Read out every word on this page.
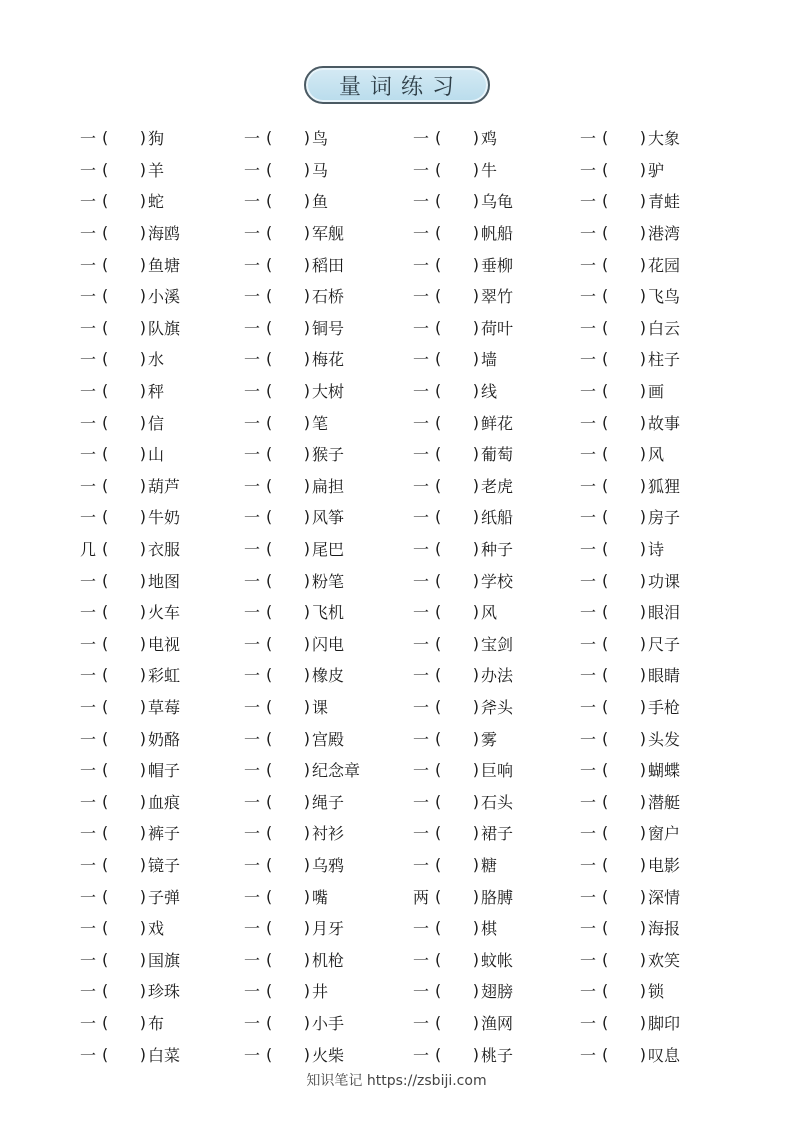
量词练习
一 ( )	狗	一 ( )	鸟	一 ( )	鸡	一 ( )	大象
一 ( )	羊	一 ( )	马	一 ( )	牛	一 ( )	驴
一 ( )	蛇	一 ( )	鱼	一 ( )	乌龟	一 ( )	青蛙
一 ( )	海鸥	一 ( )	军舰	一 ( )	帆船	一 ( )	港湾
一 ( )	鱼塘	一 ( )	稻田	一 ( )	垂柳	一 ( )	花园
一 ( )	小溪	一 ( )	石桥	一 ( )	翠竹	一 ( )	飞鸟
一 ( )	队旗	一 ( )	铜号	一 ( )	荷叶	一 ( )	白云
一 ( )	水	一 ( )	梅花	一 ( )	墙	一 ( )	柱子
一 ( )	秤	一 ( )	大树	一 ( )	线	一 ( )	画
一 ( )	信	一 ( )	笔	一 ( )	鲜花	一 ( )	故事
一 ( )	山	一 ( )	猴子	一 ( )	葡萄	一 ( )	风
一 ( )	葫芦	一 ( )	扁担	一 ( )	老虎	一 ( )	狐狸
一 ( )	牛奶	一 ( )	风筝	一 ( )	纸船	一 ( )	房子
几 ( )	衣服	一 ( )	尾巴	一 ( )	种子	一 ( )	诗
一 ( )	地图	一 ( )	粉笔	一 ( )	学校	一 ( )	功课
一 ( )	火车	一 ( )	飞机	一 ( )	风	一 ( )	眼泪
一 ( )	电视	一 ( )	闪电	一 ( )	宝剑	一 ( )	尺子
一 ( )	彩虹	一 ( )	橡皮	一 ( )	办法	一 ( )	眼睛
一 ( )	草莓	一 ( )	课	一 ( )	斧头	一 ( )	手枪
一 ( )	奶酪	一 ( )	宫殿	一 ( )	雾	一 ( )	头发
一 ( )	帽子	一 ( )	纪念章	一 ( )	巨响	一 ( )	蝴蝶
一 ( )	血痕	一 ( )	绳子	一 ( )	石头	一 ( )	潜艇
一 ( )	裤子	一 ( )	衬衫	一 ( )	裙子	一 ( )	窗户
一 ( )	镜子	一 ( )	乌鸦	一 ( )	糖	一 ( )	电影
一 ( )	子弹	一 ( )	嘴	两 ( )	胳膊	一 ( )	深情
一 ( )	戏	一 ( )	月牙	一 ( )	棋	一 ( )	海报
一 ( )	国旗	一 ( )	机枪	一 ( )	蚊帐	一 ( )	欢笑
一 ( )	珍珠	一 ( )	井	一 ( )	翅膀	一 ( )	锁
一 ( )	布	一 ( )	小手	一 ( )	渔网	一 ( )	脚印
一 ( )	白菜	一 ( )	火柴	一 ( )	桃子	一 ( )	叹息
知识笔记 https://zsbiji.com
